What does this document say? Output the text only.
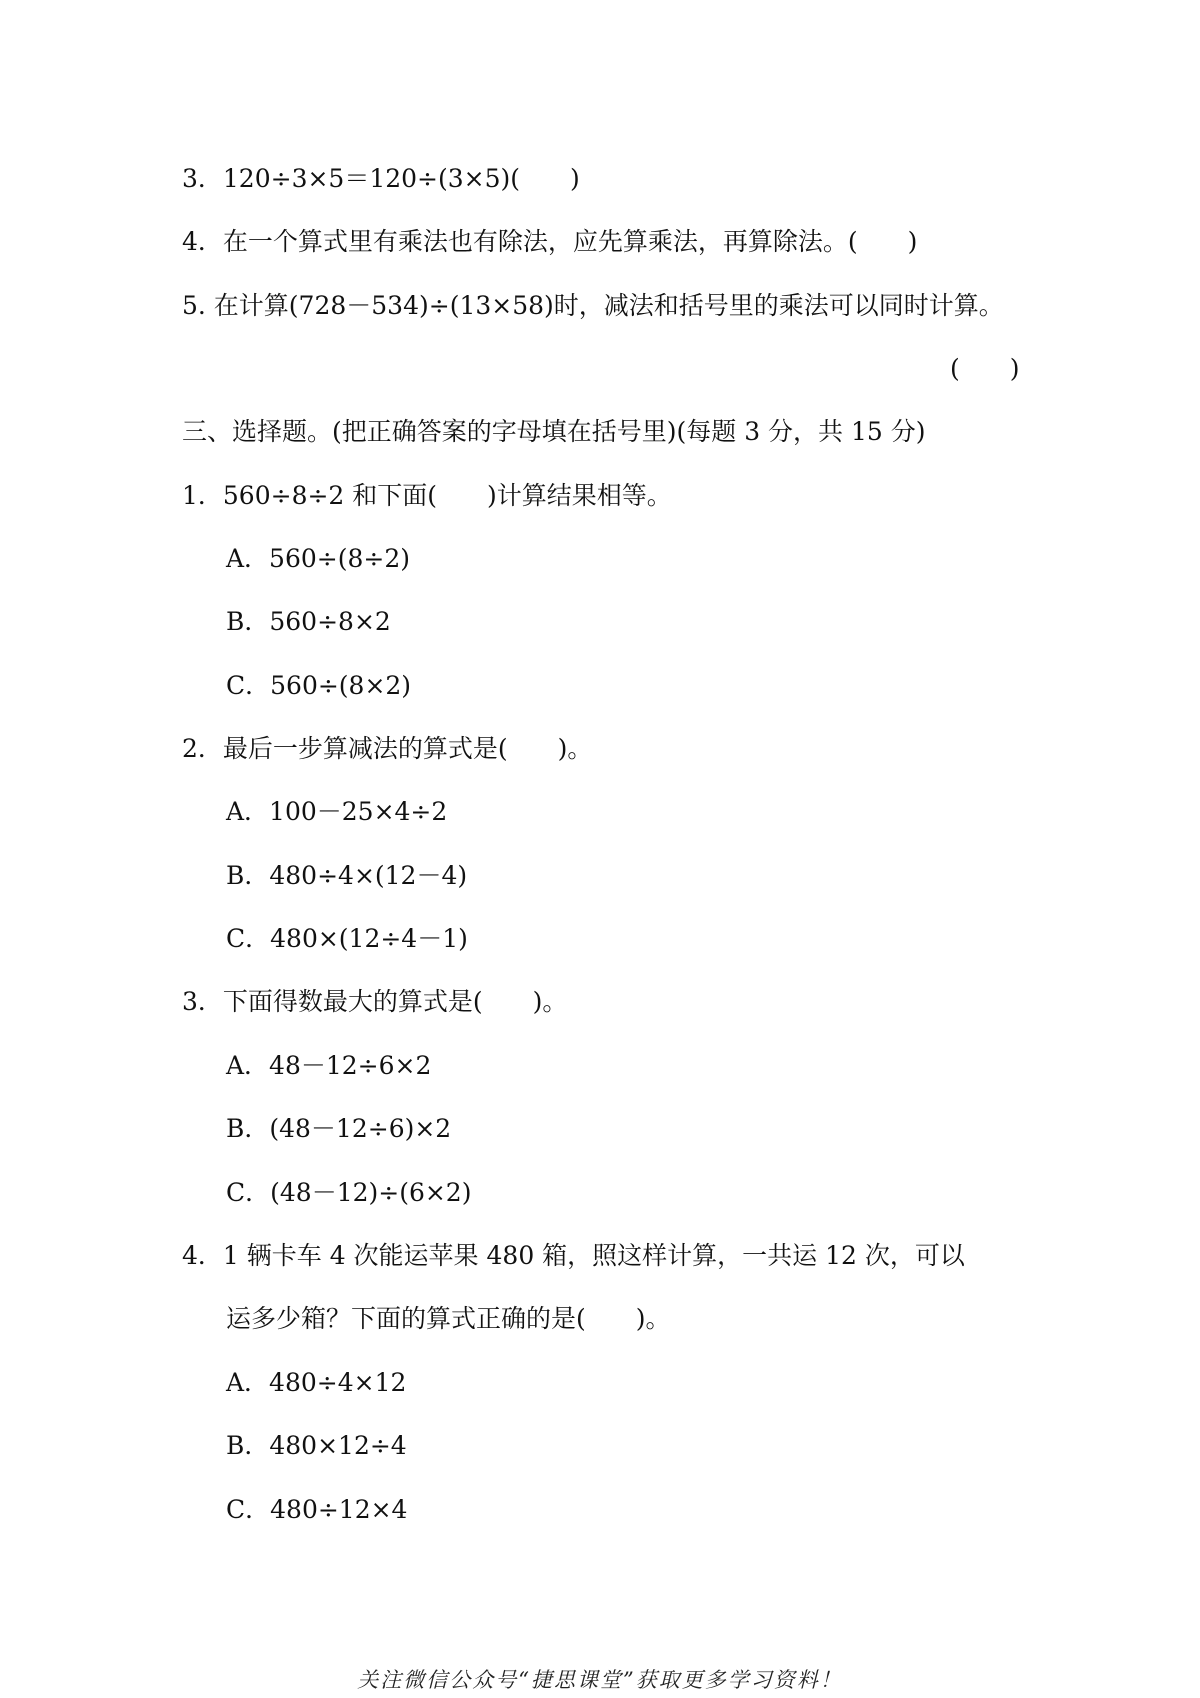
3．120÷3×5＝120÷(3×5)(　　)
4．在一个算式里有乘法也有除法，应先算乘法，再算除法。(　　)
5. 在计算(728－534)÷(13×58)时，减法和括号里的乘法可以同时计算。
(　　)
三、选择题。(把正确答案的字母填在括号里)(每题 3 分，共 15 分)
1．560÷8÷2 和下面(　　)计算结果相等。
A．560÷(8÷2)
B．560÷8×2
C．560÷(8×2)
2．最后一步算减法的算式是(　　)。
A．100－25×4÷2
B．480÷4×(12－4)
C．480×(12÷4－1)
3．下面得数最大的算式是(　　)。
A．48－12÷6×2
B．(48－12÷6)×2
C．(48－12)÷(6×2)
4．1 辆卡车 4 次能运苹果 480 箱，照这样计算，一共运 12 次，可以
运多少箱？下面的算式正确的是(　　)。
A．480÷4×12
B．480×12÷4
C．480÷12×4
关注微信公众号“捷思课堂”获取更多学习资料！
